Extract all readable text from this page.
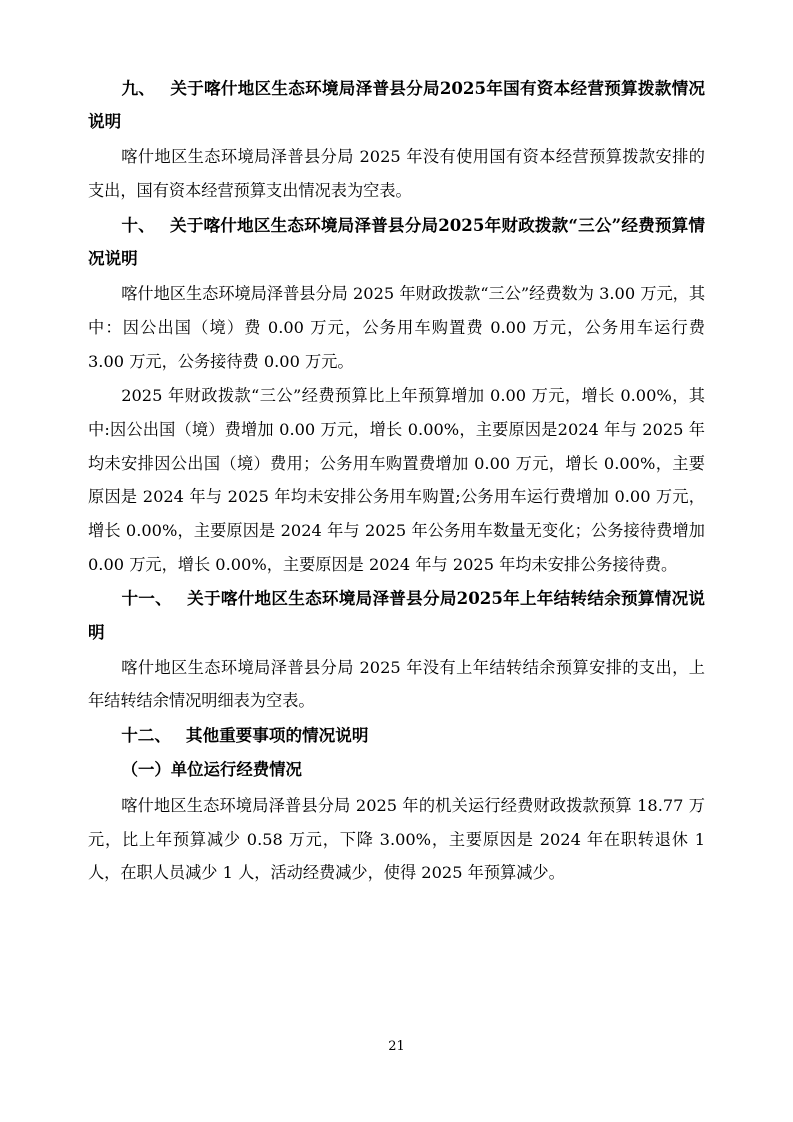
九、 关于喀什地区生态环境局泽普县分局2025年国有资本经营预算拨款情况说明

喀什地区生态环境局泽普县分局 2025 年没有使用国有资本经营预算拨款安排的支出，国有资本经营预算支出情况表为空表。

十、 关于喀什地区生态环境局泽普县分局2025年财政拨款“三公”经费预算情况说明

喀什地区生态环境局泽普县分局 2025 年财政拨款“三公”经费数为 3.00 万元，其中：因公出国（境）费 0.00 万元，公务用车购置费 0.00 万元，公务用车运行费 3.00 万元，公务接待费 0.00 万元。

2025 年财政拨款“三公”经费预算比上年预算增加 0.00 万元，增长 0.00%，其中:因公出国（境）费增加 0.00 万元，增长 0.00%，主要原因是2024 年与 2025 年均未安排因公出国（境）费用；公务用车购置费增加 0.00 万元，增长 0.00%，主要原因是 2024 年与 2025 年均未安排公务用车购置;公务用车运行费增加 0.00 万元，增长 0.00%，主要原因是 2024 年与 2025 年公务用车数量无变化；公务接待费增加 0.00 万元，增长 0.00%，主要原因是 2024 年与 2025 年均未安排公务接待费。

十一、 关于喀什地区生态环境局泽普县分局2025年上年结转结余预算情况说明

喀什地区生态环境局泽普县分局 2025 年没有上年结转结余预算安排的支出，上年结转结余情况明细表为空表。

十二、 其他重要事项的情况说明

（一）单位运行经费情况

喀什地区生态环境局泽普县分局 2025 年的机关运行经费财政拨款预算 18.77 万元，比上年预算减少 0.58 万元，下降 3.00%，主要原因是 2024 年在职转退休 1 人，在职人员减少 1 人，活动经费减少，使得 2025 年预算减少。

21
